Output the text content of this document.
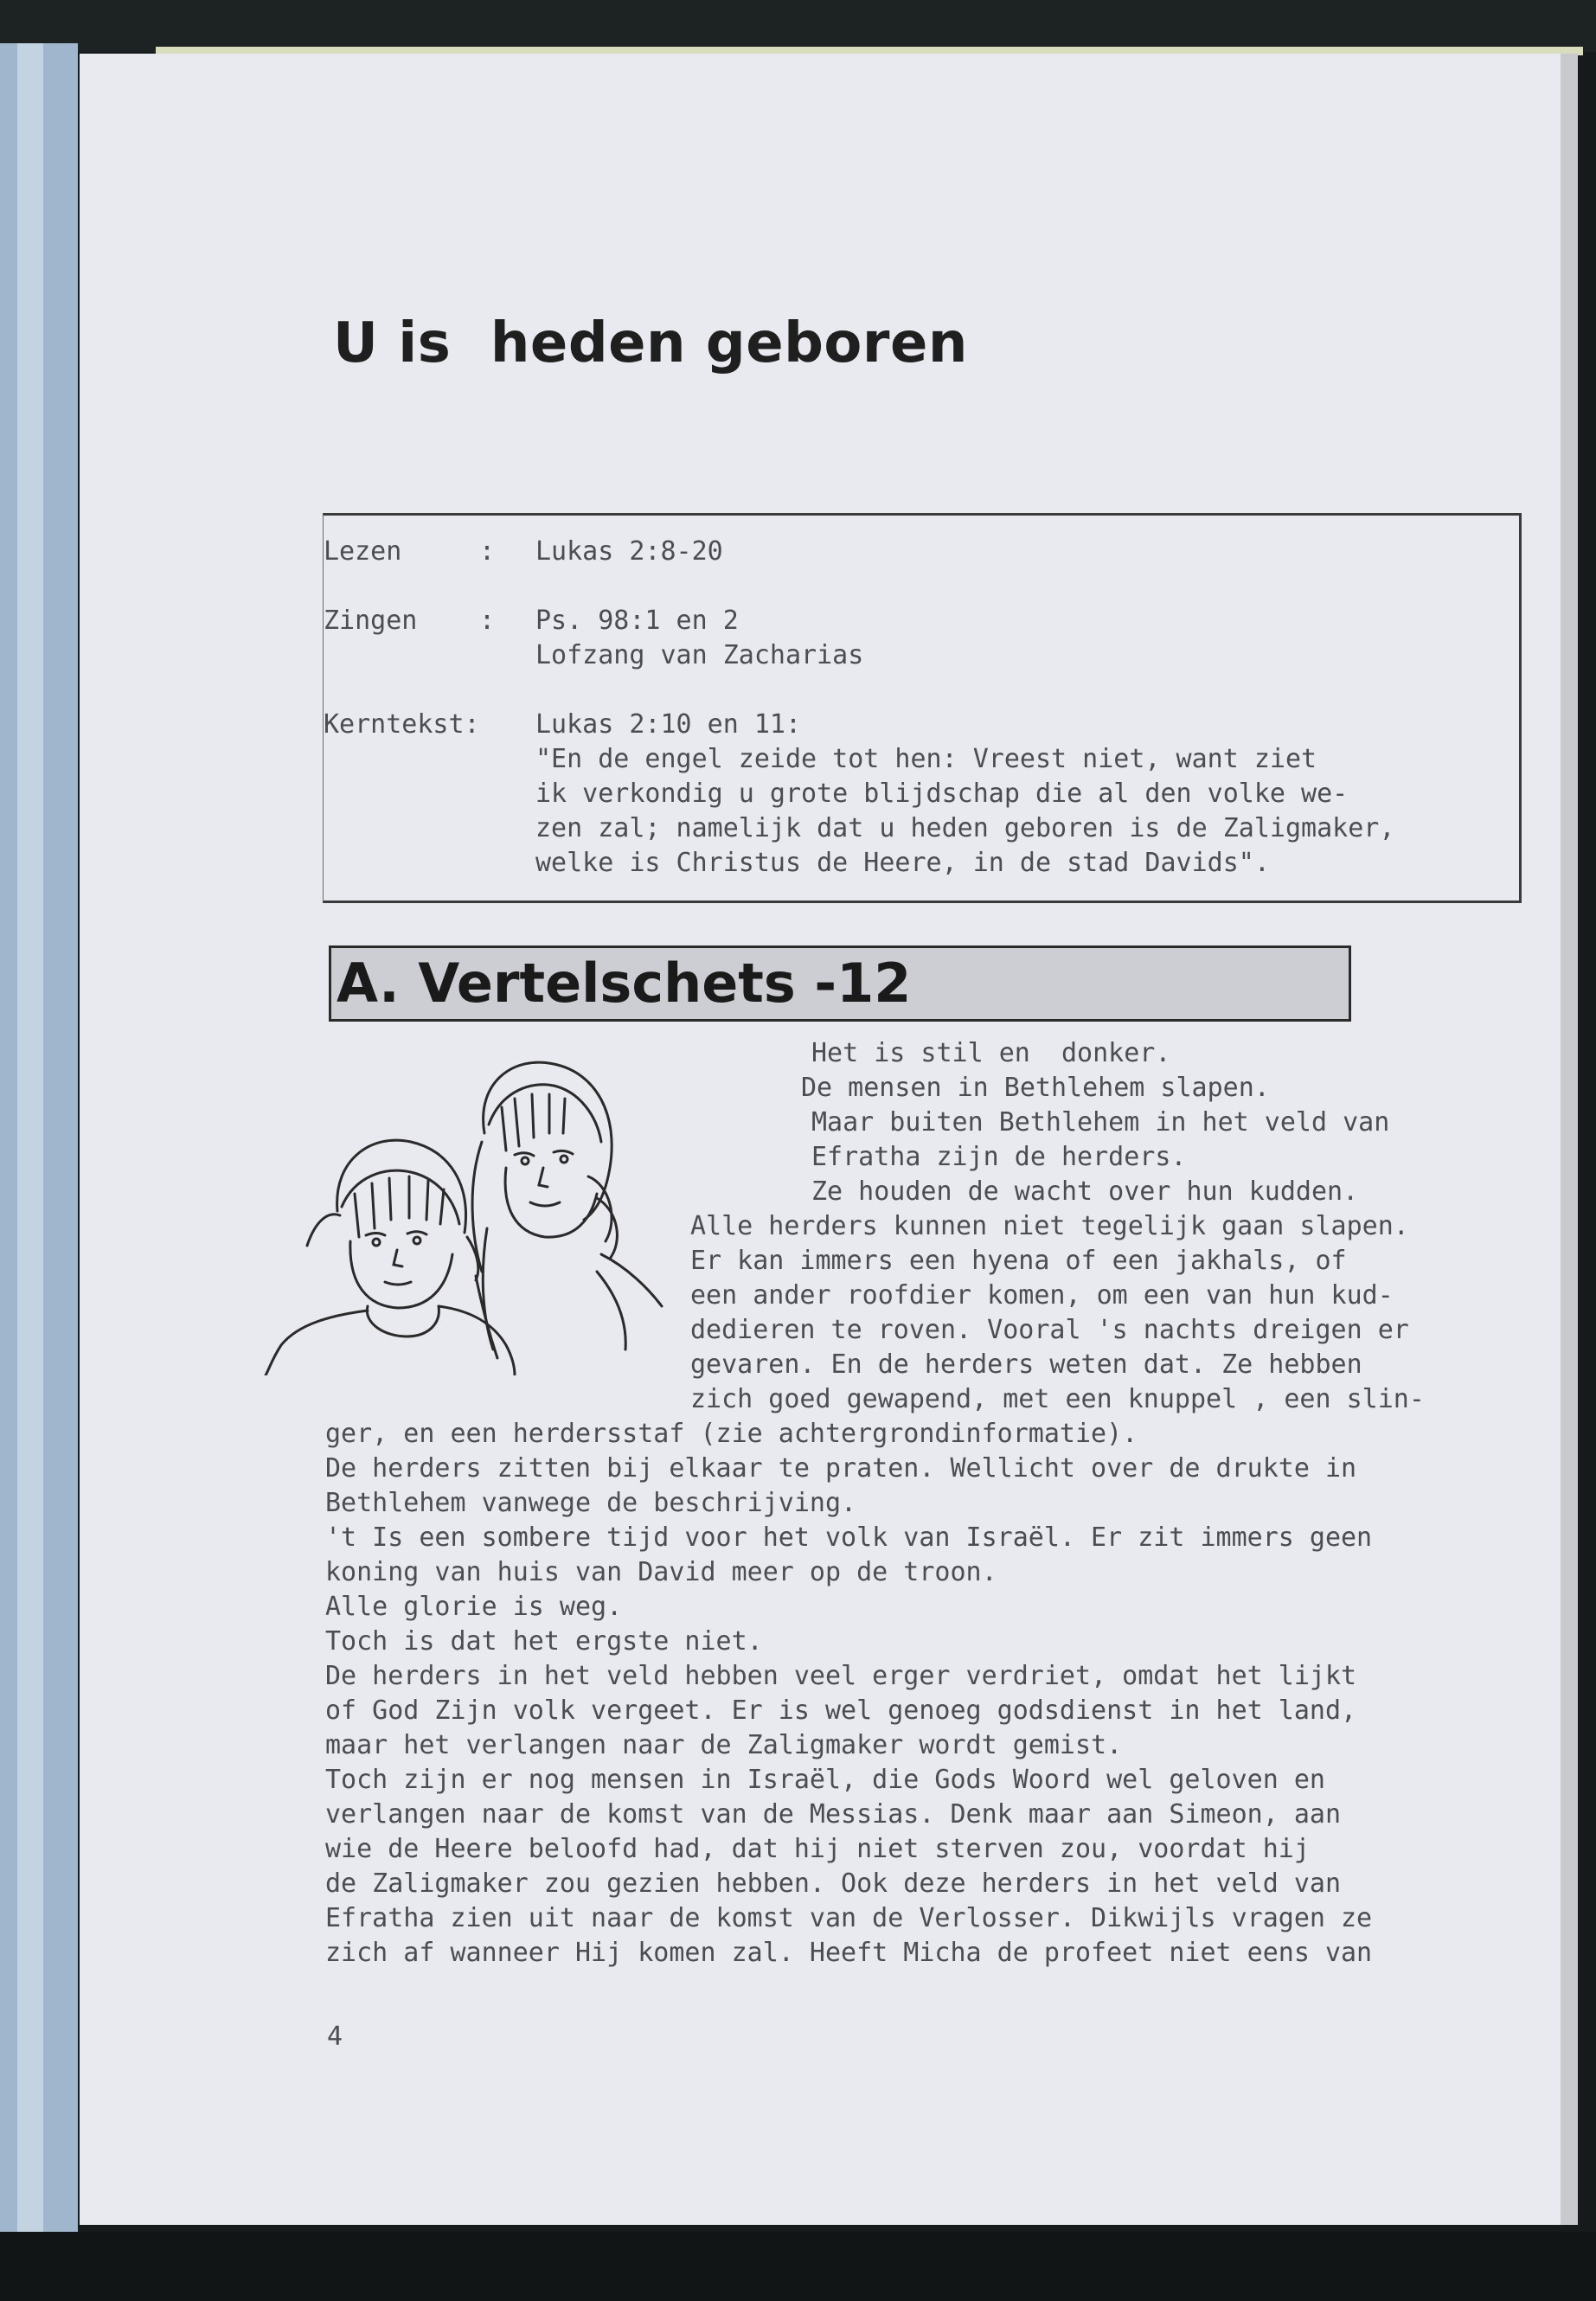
U is  heden geboren
Lezen	: Lukas 2:8-20
Zingen : Ps. 98:1 en 2
Lofzang van Zacharias
Kerntekst: Lukas 2:10 en 11:
"En de engel zeide tot hen: Vreest niet, want ziet
ik verkondig u grote blijdschap die al den volke we-
zen zal; namelijk dat u heden geboren is de Zaligmaker,
welke is Christus de Heere, in de stad Davids".
A. Vertelschets -12
Het is stil en  donker.
De mensen in Bethlehem slapen.
Maar buiten Bethlehem in het veld van
Efratha zijn de herders.
Ze houden de wacht over hun kudden.
Alle herders kunnen niet tegelijk gaan slapen.
Er kan immers een hyena of een jakhals, of
een ander roofdier komen, om een van hun kud-
dedieren te roven. Vooral 's nachts dreigen er
gevaren. En de herders weten dat. Ze hebben
zich goed gewapend, met een knuppel , een slin-
ger, en een herdersstaf (zie achtergrondinformatie).
De herders zitten bij elkaar te praten. Wellicht over de drukte in
Bethlehem vanwege de beschrijving.
't Is een sombere tijd voor het volk van Israël. Er zit immers geen
koning van huis van David meer op de troon.
Alle glorie is weg.
Toch is dat het ergste niet.
De herders in het veld hebben veel erger verdriet, omdat het lijkt
of God Zijn volk vergeet. Er is wel genoeg godsdienst in het land,
maar het verlangen naar de Zaligmaker wordt gemist.
Toch zijn er nog mensen in Israël, die Gods Woord wel geloven en
verlangen naar de komst van de Messias. Denk maar aan Simeon, aan
wie de Heere beloofd had, dat hij niet sterven zou, voordat hij
de Zaligmaker zou gezien hebben. Ook deze herders in het veld van
Efratha zien uit naar de komst van de Verlosser. Dikwijls vragen ze
zich af wanneer Hij komen zal. Heeft Micha de profeet niet eens van
4
